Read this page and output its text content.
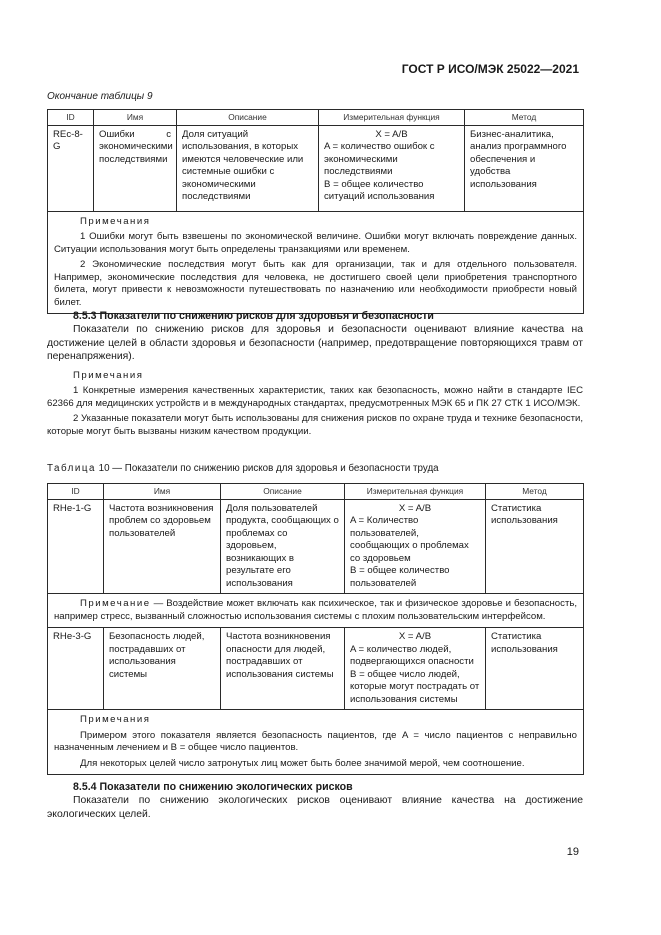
ГОСТ Р ИСО/МЭК 25022—2021
Окончание таблицы 9
ID	Имя	Описание	Измерительная функция	Метод
REc-8-G	Ошибки с экономическими последствиями	Доля ситуаций использования, в которых имеются человеческие или системные ошибки с экономическими последствиями	X = A/B
A = количество ошибок с экономическими последствиями
B = общее количество ситуаций использования	Бизнес-аналитика, анализ программного обеспечения и удобства использования

Примечания

1 Ошибки могут быть взвешены по экономической величине. Ошибки могут включать повреждение данных. Ситуации использования могут быть определены транзакциями или временем.

2 Экономические последствия могут быть как для организации, так и для отдельного пользователя. Например, экономические последствия для человека, не достигшего своей цели приобретения транспортного билета, могут привести к невозможности путешествовать по назначению или необходимости приобрести новый билет.				

8.5.3 Показатели по снижению рисков для здоровья и безопасности

Показатели по снижению рисков для здоровья и безопасности оценивают влияние качества на достижение целей в области здоровья и безопасности (например, предотвращение повторяющихся травм от перенапряжения).

Примечания

1 Конкретные измерения качественных характеристик, таких как безопасность, можно найти в стандарте IEC 62366 для медицинских устройств и в международных стандартах, предусмотренных МЭК 65 и ПК 27 СТК 1 ИСО/МЭК.

2 Указанные показатели могут быть использованы для снижения рисков по охране труда и технике безопасности, которые могут быть вызваны низким качеством продукции.

Таблица 10 — Показатели по снижению рисков для здоровья и безопасности труда
ID	Имя	Описание	Измерительная функция	Метод
RHe-1-G	Частота возникновения проблем со здоровьем пользователей	Доля пользователей продукта, сообщающих о проблемах со здоровьем, возникающих в результате его использования	X = A/B
A = Количество пользователей, сообщающих о проблемах со здоровьем
B = общее количество пользователей	Статистика использования

Примечание — Воздействие может включать как психическое, так и физическое здоровье и безопасность, например стресс, вызванный сложностью использования системы с плохим пользовательским интерфейсом.				

RHe-3-G	Безопасность людей, пострадавших от использования системы	Частота возникновения опасности для людей, пострадавших от использования системы	X = A/B
A = количество людей, подвергающихся опасности
B = общее число людей, которые могут пострадать от использования системы	Статистика использования

Примечания

Примером этого показателя является безопасность пациентов, где A = число пациентов с неправильно назначенным лечением и B = общее число пациентов.

Для некоторых целей число затронутых лиц может быть более значимой мерой, чем соотношение.				

8.5.4 Показатели по снижению экологических рисков

Показатели по снижению экологических рисков оценивают влияние качества на достижение экологических целей.

19
